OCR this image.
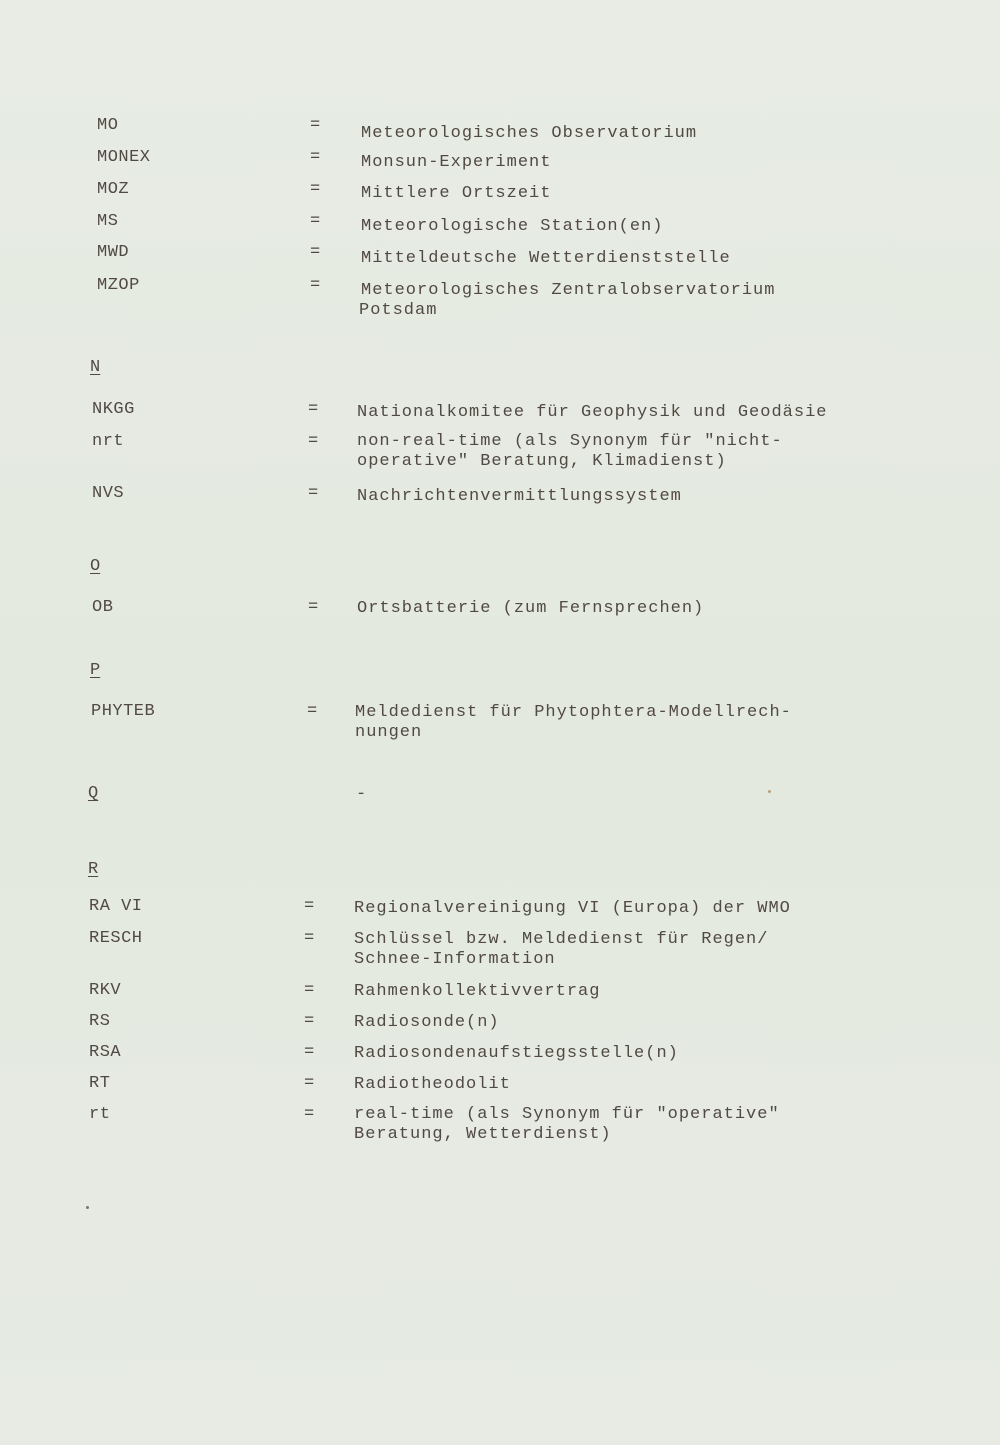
MO	= Meteorologisches Observatorium
MONEX	= Monsun-Experiment
MOZ	= Mittlere Ortszeit
MS	= Meteorologische Station(en)
MWD	= Mitteldeutsche Wetterdienststelle
MZOP	= Meteorologisches Zentralobservatorium
Potsdam
N
NKGG	= Nationalkomitee für Geophysik und Geodäsie
nrt	= non-real-time (als Synonym für "nicht-
operative" Beratung, Klimadienst)
NVS	= Nachrichtenvermittlungssystem
O
OB	= Ortsbatterie (zum Fernsprechen)
P
PHYTEB	= Meldedienst für Phytophtera-Modellrech-
nungen
Q	-
R
RA VI	= Regionalvereinigung VI (Europa) der WMO
RESCH	= Schlüssel bzw. Meldedienst für Regen/
Schnee-Information
RKV	= Rahmenkollektivvertrag
RS	= Radiosonde(n)
RSA	= Radiosondenaufstiegsstelle(n)
RT	= Radiotheodolit
rt	= real-time (als Synonym für "operative"
Beratung, Wetterdienst)
